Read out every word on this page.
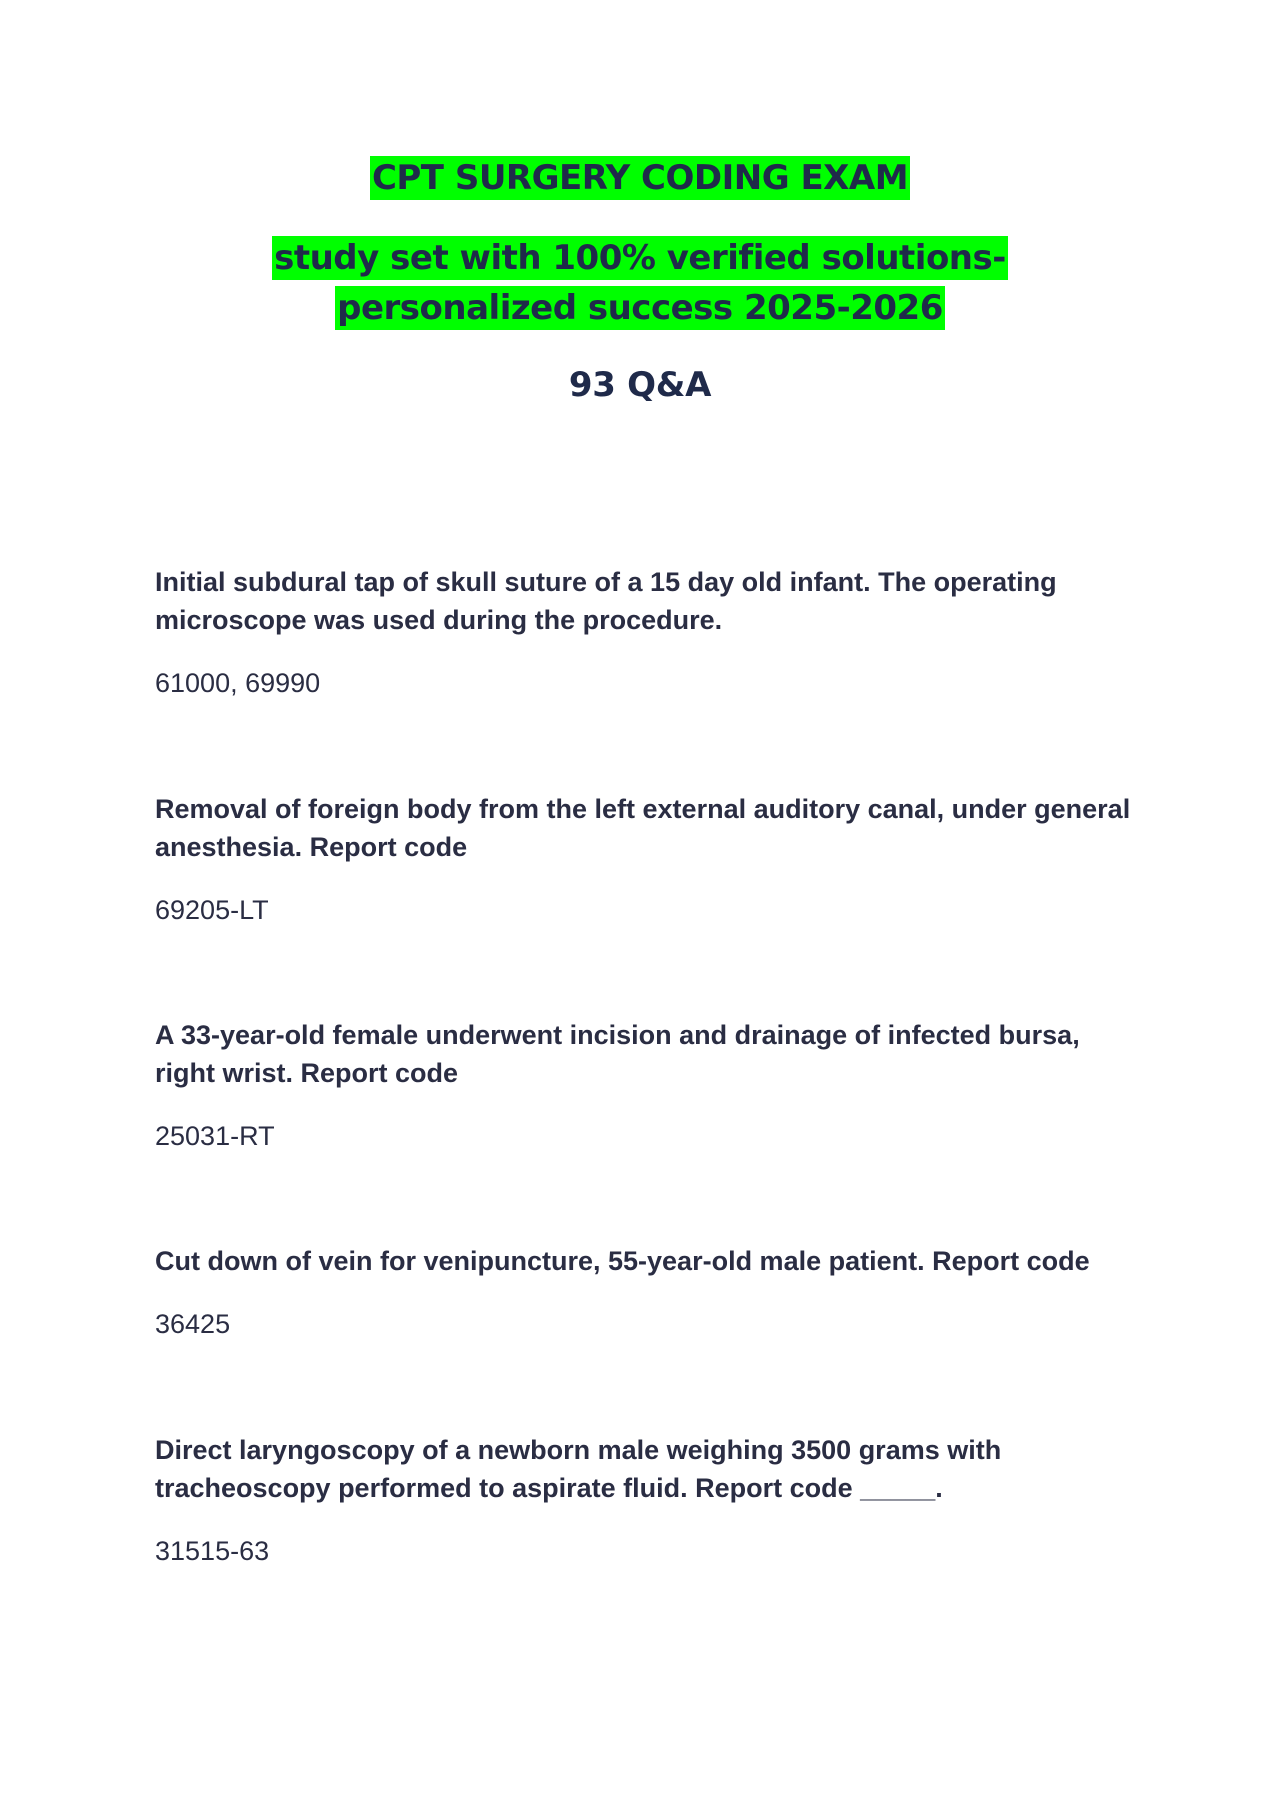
CPT SURGERY CODING EXAM
study set with 100% verified solutions-personalized success 2025-2026
93 Q&A

Initial subdural tap of skull suture of a 15 day old infant. The operating microscope was used during the procedure.

61000, 69990

Removal of foreign body from the left external auditory canal, under general anesthesia. Report code

69205-LT

A 33-year-old female underwent incision and drainage of infected bursa, right wrist. Report code

25031-RT

Cut down of vein for venipuncture, 55-year-old male patient. Report code

36425

Direct laryngoscopy of a newborn male weighing 3500 grams with tracheoscopy performed to aspirate fluid. Report code _____.

31515-63
